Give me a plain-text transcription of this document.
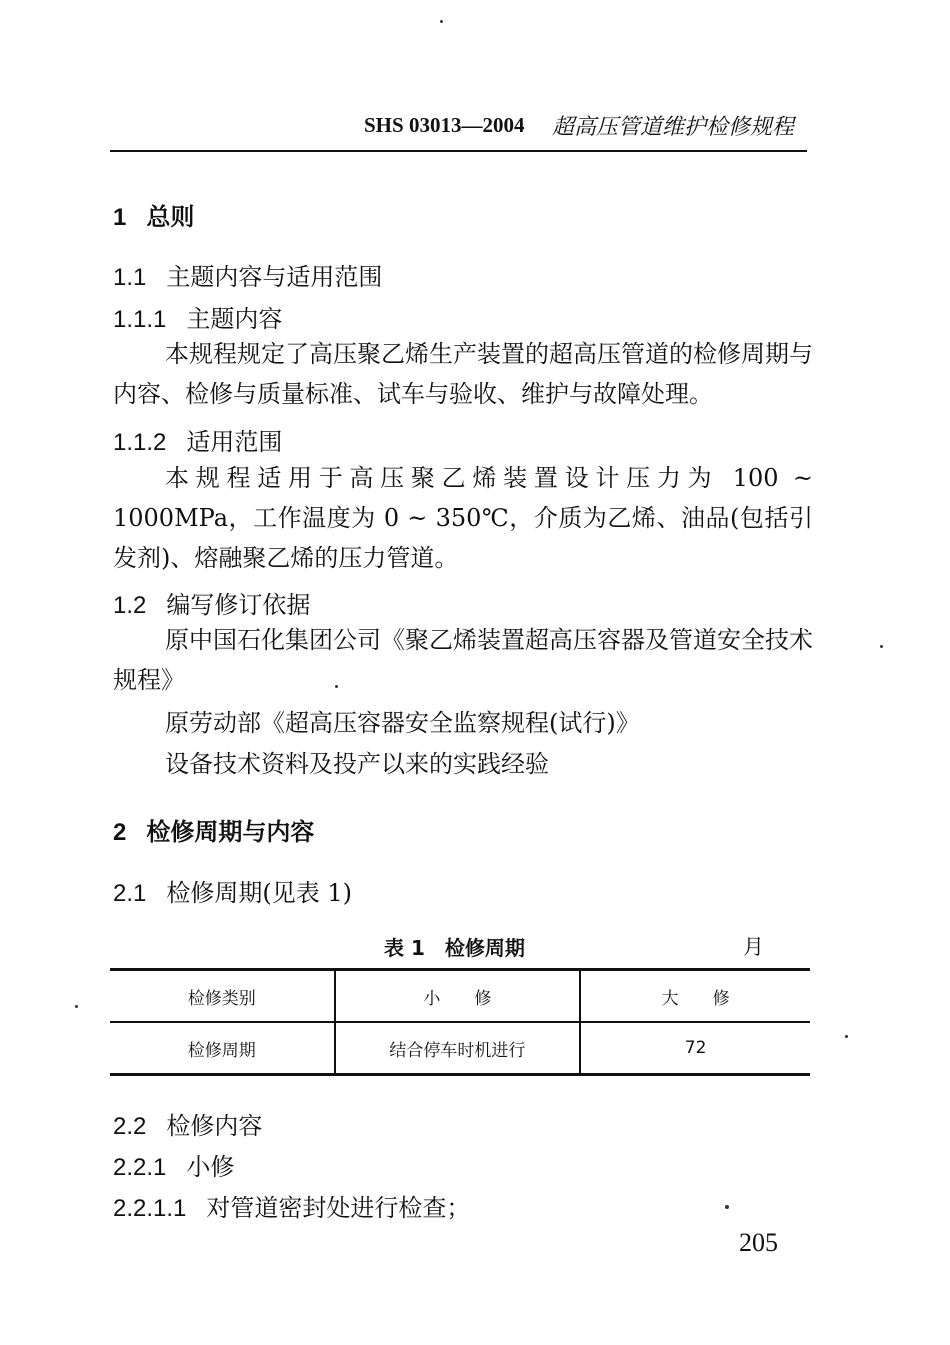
SHS 03013—2004 超高压管道维护检修规程
1 总则
1.1 主题内容与适用范围
1.1.1 主题内容
本规程规定了高压聚乙烯生产装置的超高压管道的检修周期与内容、检修与质量标准、试车与验收、维护与故障处理。
1.1.2 适用范围
本规程适用于高压聚乙烯装置设计压力为 100 ~ 1000MPa，工作温度为 0 ~ 350℃，介质为乙烯、油品(包括引发剂)、熔融聚乙烯的压力管道。
1.2 编写修订依据
原中国石化集团公司《聚乙烯装置超高压容器及管道安全技术规程》
原劳动部《超高压容器安全监察规程(试行)》
设备技术资料及投产以来的实践经验
2 检修周期与内容
2.1 检修周期(见表 1)
表 1　检修周期	月
检修类别	小　　修	大　　修
检修周期	结合停车时机进行	72
2.2 检修内容
2.2.1 小修
2.2.1.1 对管道密封处进行检查；
205
